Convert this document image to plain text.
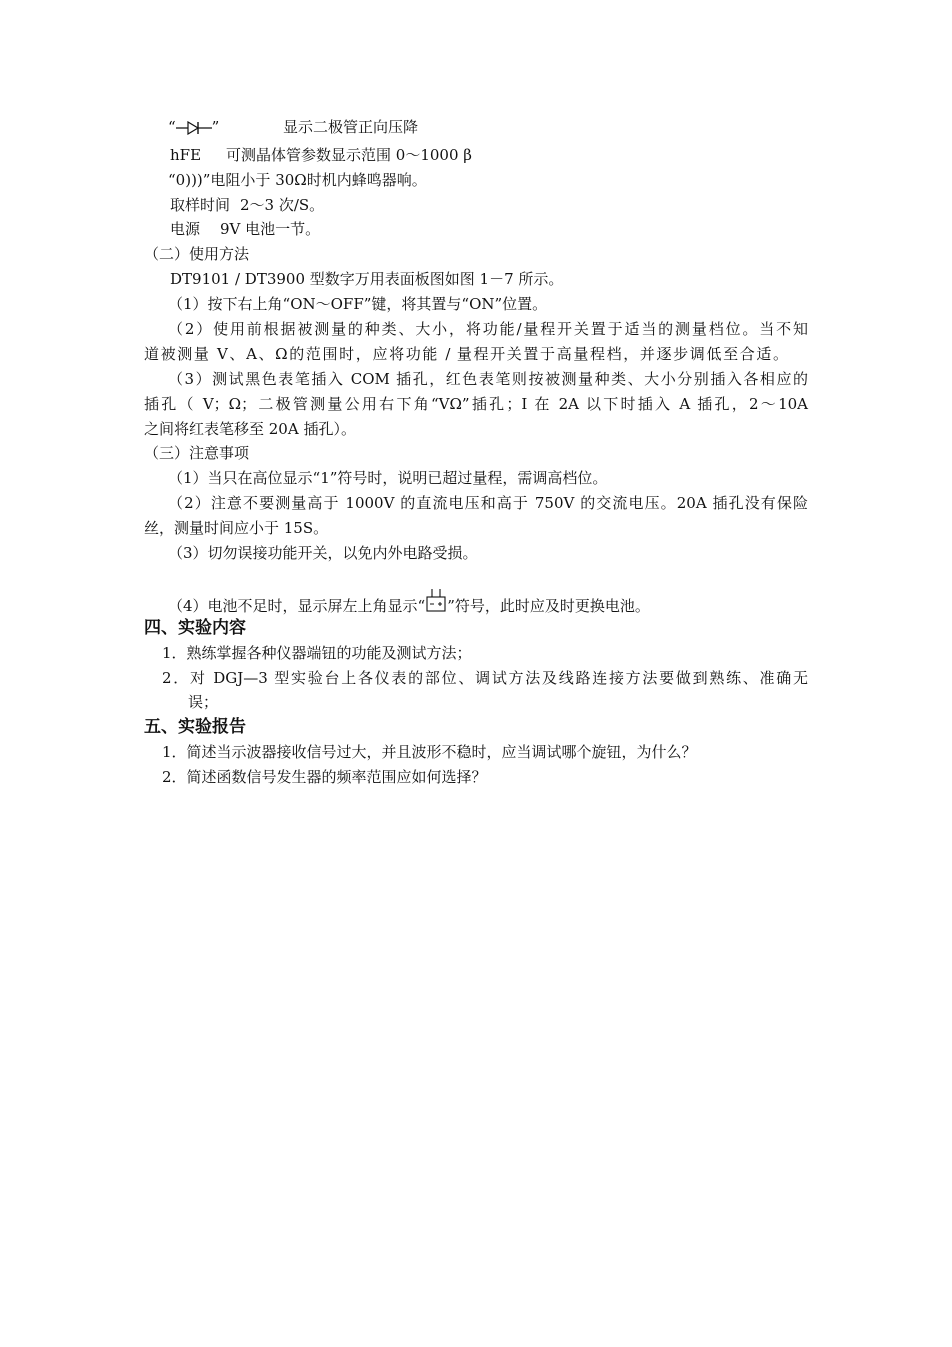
“ ”	显示二极管正向压降
hFE 可测晶体管参数显示范围 0～1000 β
“0)))”电阻小于 30Ω时机内蜂鸣器响。
取样时间 2～3 次/S。
电源 9V 电池一节。
（二）使用方法
DT9101 / DT3900 型数字万用表面板图如图 1－7 所示。
（1）按下右上角“ON～OFF”键，将其置与“ON”位置。
（2）使用前根据被测量的种类、大小，将功能/量程开关置于适当的测量档位。当不知
道被测量 V、A、Ω的范围时，应将功能 / 量程开关置于高量程档，并逐步调低至合适。
（3）测试黑色表笔插入 COM 插孔，红色表笔则按被测量种类、大小分别插入各相应的
插孔（ V；Ω；二极管测量公用右下角“VΩ”插孔；I 在 2A 以下时插入 A 插孔，2～10A
之间将红表笔移至 20A 插孔）。
（三）注意事项
（1）当只在高位显示“1”符号时，说明已超过量程，需调高档位。
（2）注意不要测量高于 1000V 的直流电压和高于 750V 的交流电压。20A 插孔没有保险
丝，测量时间应小于 15S。
（3）切勿误接功能开关，以免内外电路受损。
（4）电池不足时，显示屏左上角显示“ ”符号，此时应及时更换电池。
四、实验内容
1．熟练掌握各种仪器端钮的功能及测试方法；
2．对 DGJ—3 型实验台上各仪表的部位、调试方法及线路连接方法要做到熟练、准确无
误；
五、实验报告
1．简述当示波器接收信号过大，并且波形不稳时，应当调试哪个旋钮，为什么？
2．简述函数信号发生器的频率范围应如何选择？
